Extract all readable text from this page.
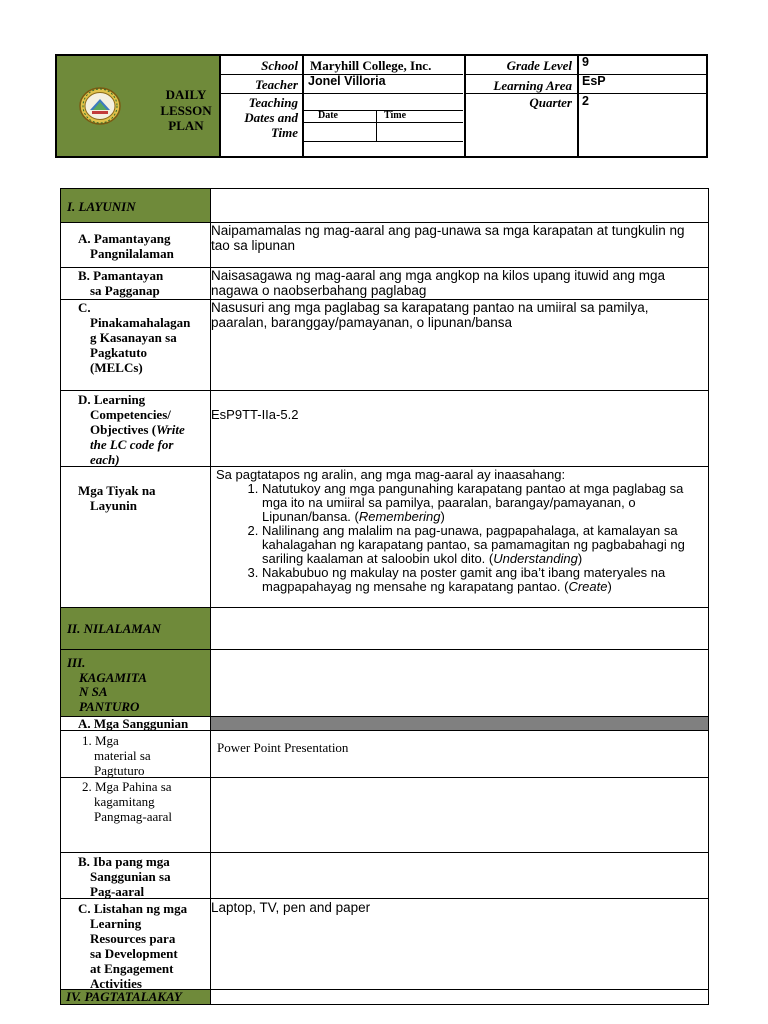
DAILY
LESSON
PLAN
School Maryhill College, Inc.
Teacher Jonel Villoria
Teaching
Dates and
Time
Date	Time
Grade Level 9
Learning Area EsP
Quarter 2
I. LAYUNIN
A. Pamantayang
Pangnilalaman
Naipamamalas ng mag-aaral ang pag-unawa sa mga karapatan at tungkulin ng tao sa lipunan
B. Pamantayan
sa Pagganap
Naisasagawa ng mag-aaral ang mga angkop na kilos upang ituwid ang mga nagawa o naobserbahang paglabag
C.
Pinakamahalagan
g Kasanayan sa
Pagkatuto
(MELCs)
Nasusuri ang mga paglabag sa karapatang pantao na umiiral sa pamilya, paaralan, baranggay/pamayanan, o lipunan/bansa
D. Learning
Competencies/
Objectives (Write
the LC code for
each)
EsP9TT-IIa-5.2
Mga Tiyak na
Layunin
Sa pagtatapos ng aralin, ang mga mag-aaral ay inaasahang:
1. Natutukoy ang mga pangunahing karapatang pantao at mga paglabag sa mga ito na umiiral sa pamilya, paaralan, barangay/pamayanan, o Lipunan/bansa. (Remembering)
2. Nalilinang ang malalim na pag-unawa, pagpapahalaga, at kamalayan sa kahalagahan ng karapatang pantao, sa pamamagitan ng pagbabahagi ng sariling kaalaman at saloobin ukol dito. (Understanding)
3. Nakabubuo ng makulay na poster gamit ang iba’t ibang materyales na magpapahayag ng mensahe ng karapatang pantao. (Create)
II. NILALAMAN
III.
KAGAMITA
N SA
PANTURO
A. Mga Sanggunian
1. Mga
material sa
Pagtuturo
Power Point Presentation
2. Mga Pahina sa
kagamitang
Pangmag-aaral
B. Iba pang mga
Sanggunian sa
Pag-aaral
C. Listahan ng mga
Learning
Resources para
sa Development
at Engagement
Activities
Laptop, TV, pen and paper
IV. PAGTATALAKAY
